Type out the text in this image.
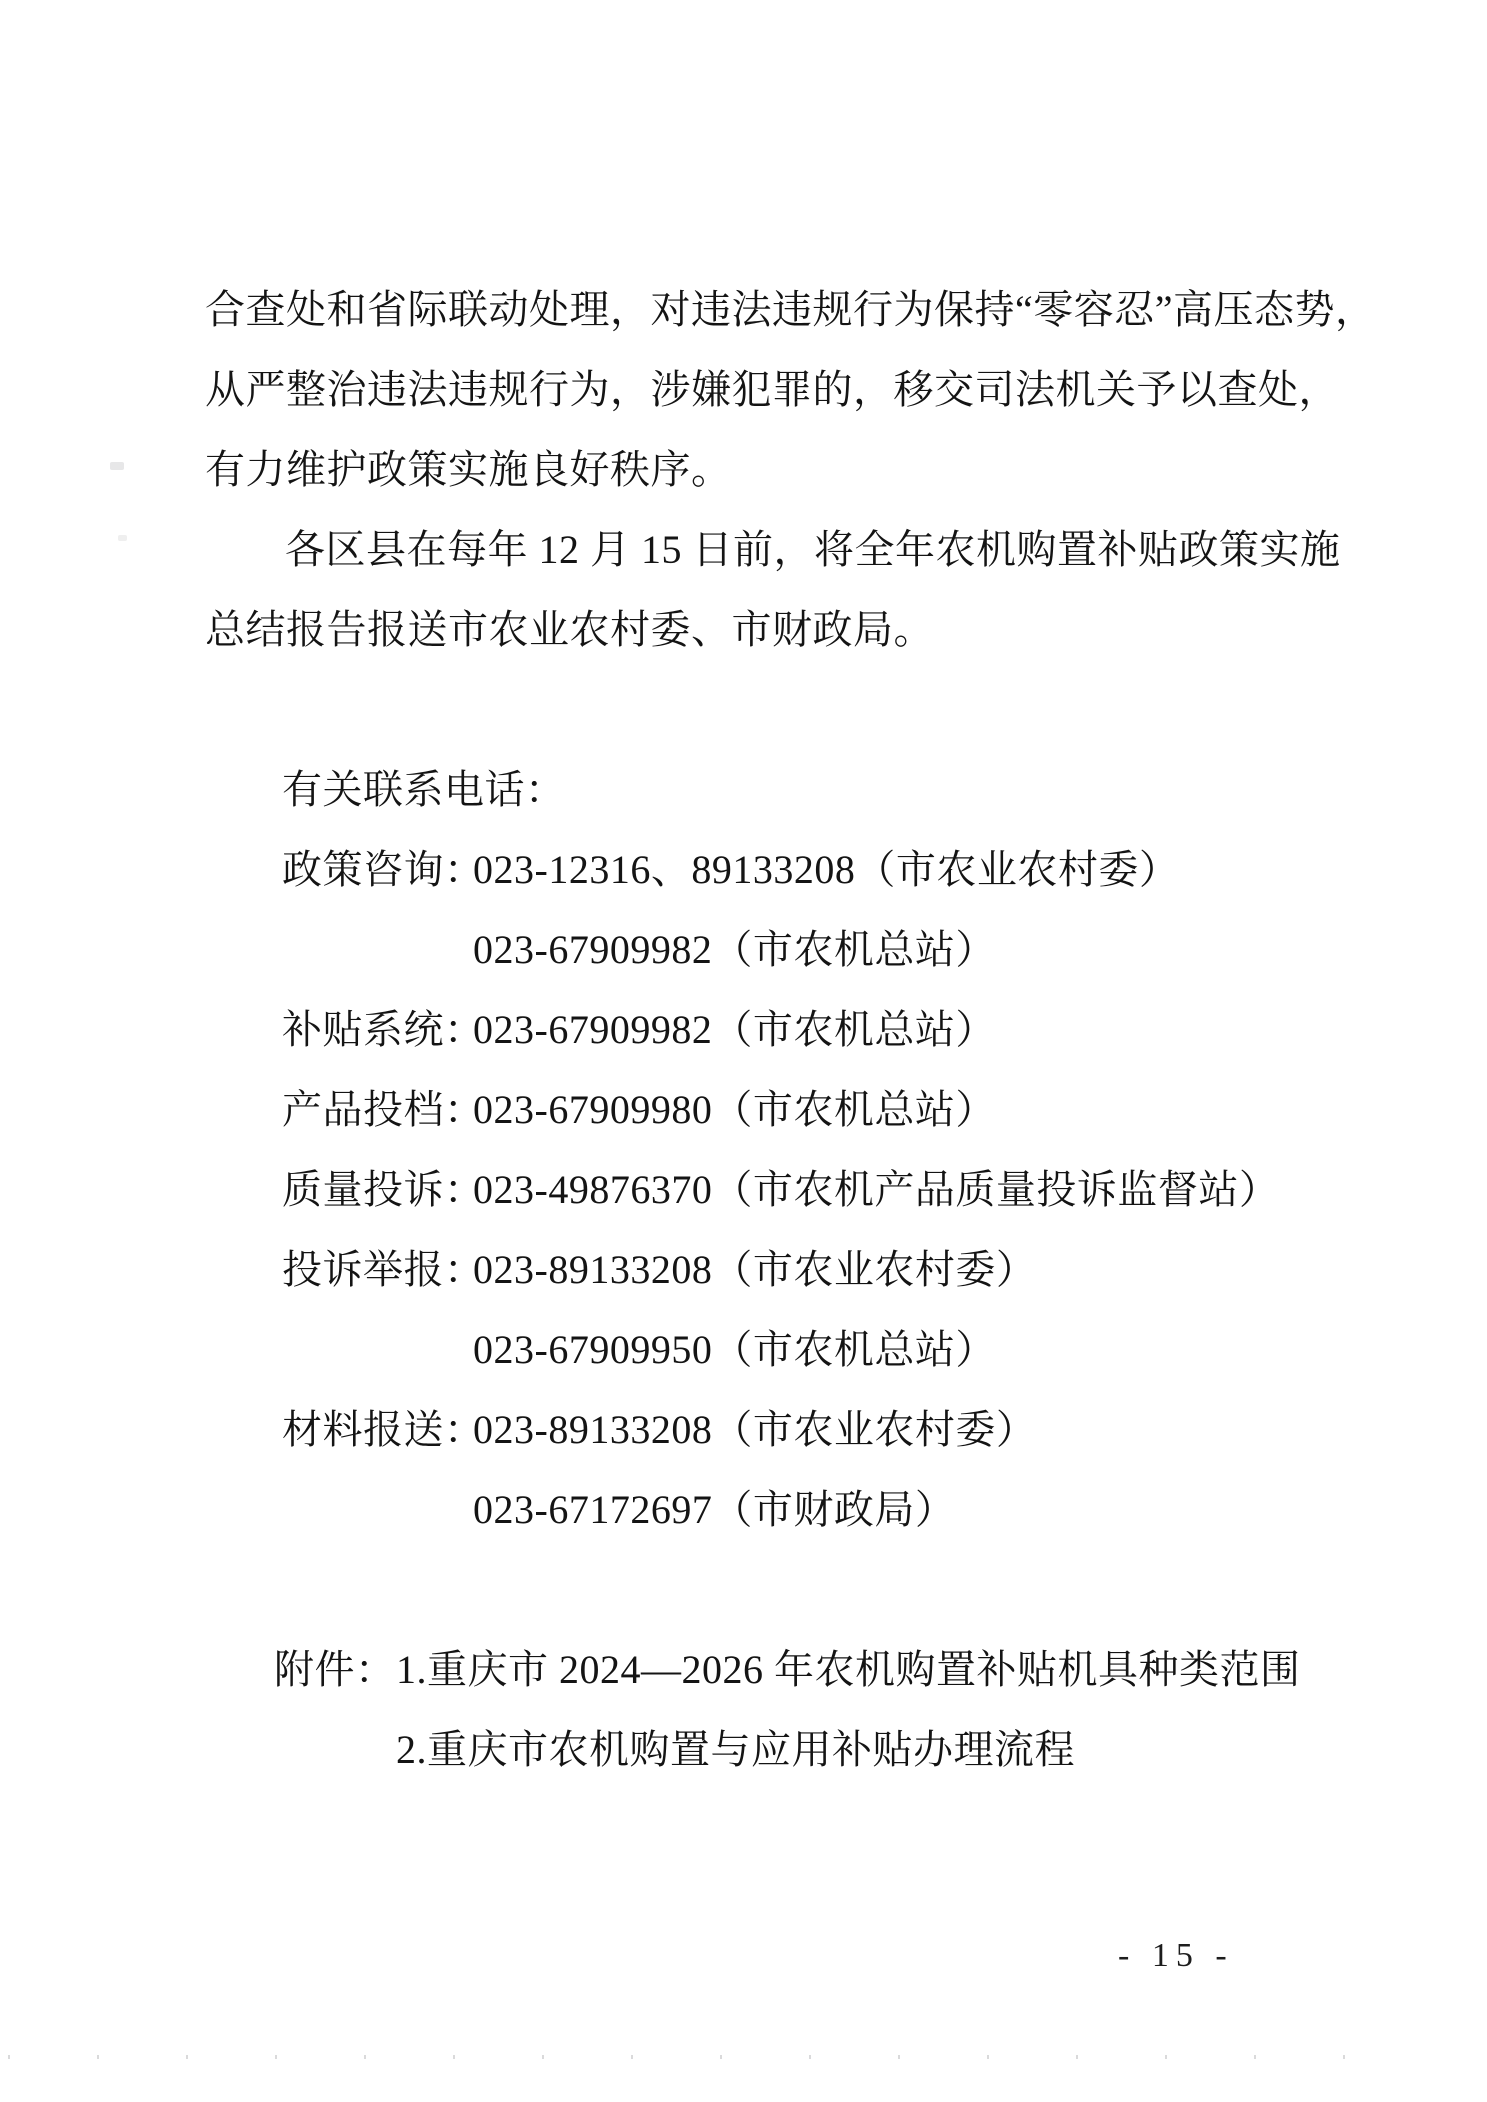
合查处和省际联动处理，对违法违规行为保持“零容忍”高压态势，
从严整治违法违规行为，涉嫌犯罪的，移交司法机关予以查处，
有力维护政策实施良好秩序。
各区县在每年 12 月 15 日前，将全年农机购置补贴政策实施
总结报告报送市农业农村委、市财政局。
有关联系电话：
政策咨询：
023-12316、89133208（市农业农村委）
023-67909982（市农机总站）
补贴系统：
023-67909982（市农机总站）
产品投档：
023-67909980（市农机总站）
质量投诉：
023-49876370（市农机产品质量投诉监督站）
投诉举报：
023-89133208（市农业农村委）
023-67909950（市农机总站）
材料报送：
023-89133208（市农业农村委）
023-67172697（市财政局）
附件： 1.重庆市 2024—2026 年农机购置补贴机具种类范围
2.重庆市农机购置与应用补贴办理流程
- 15 -
